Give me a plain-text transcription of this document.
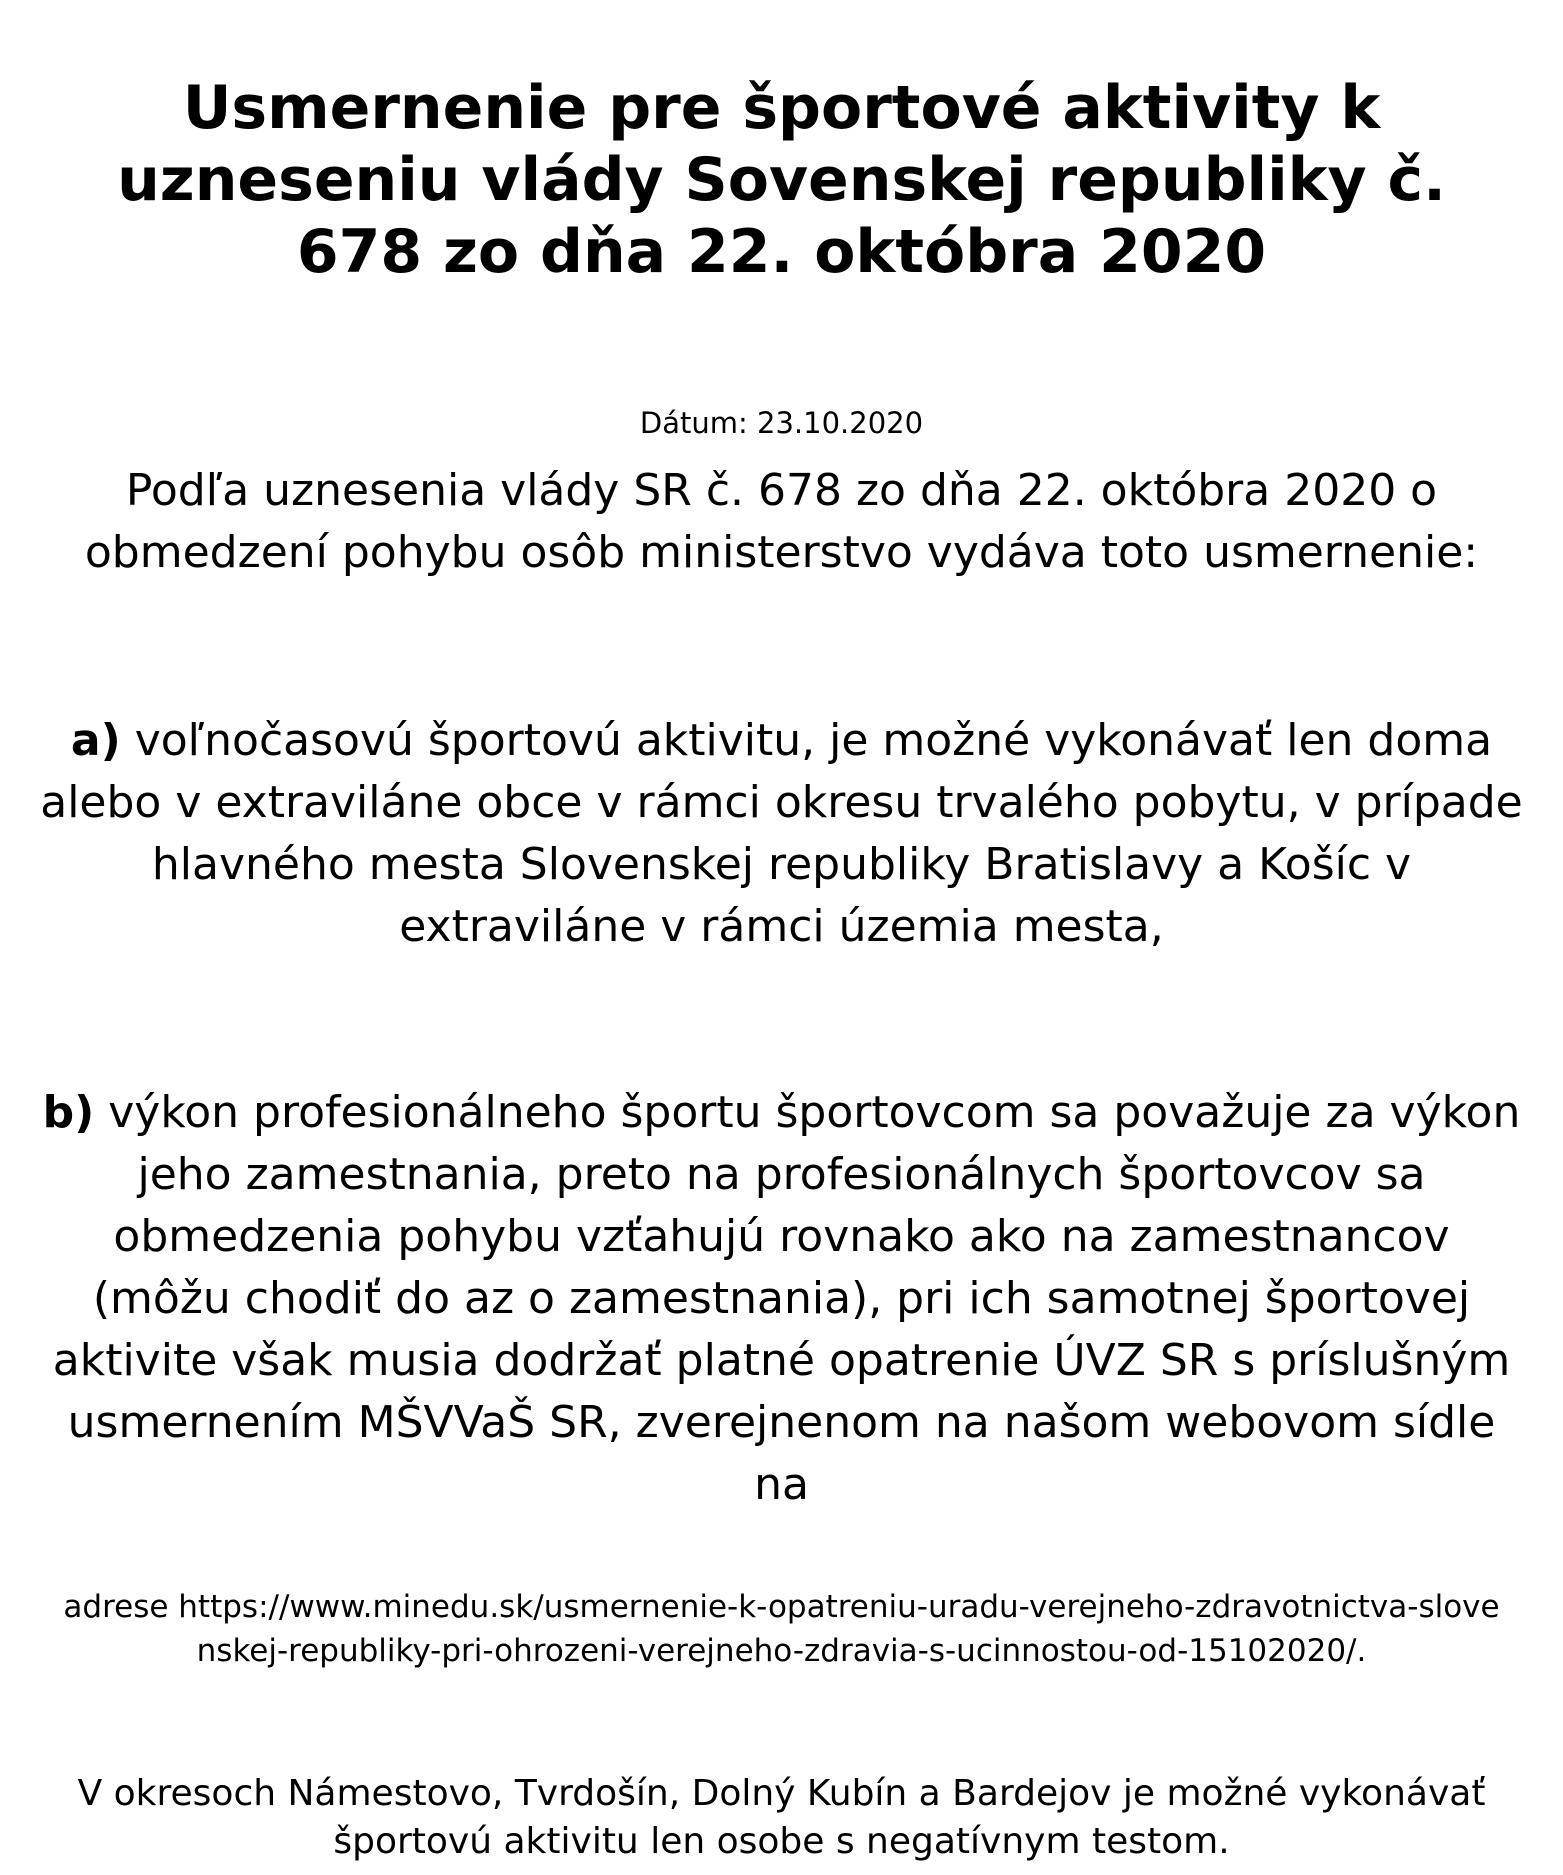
Usmernenie pre športové aktivity k
uzneseniu vlády Sovenskej republiky č.
678 zo dňa 22. októbra 2020
Dátum: 23.10.2020

Podľa uznesenia vlády SR č. 678 zo dňa 22. októbra 2020 o obmedzení pohybu osôb ministerstvo vydáva toto usmernenie:

a) voľnočasovú športovú aktivitu, je možné vykonávať len doma alebo v extraviláne obce v rámci okresu trvalého pobytu, v prípade hlavného mesta Slovenskej republiky Bratislavy a Košíc v extraviláne v rámci územia mesta,

b) výkon profesionálneho športu športovcom sa považuje za výkon jeho zamestnania, preto na profesionálnych športovcov sa obmedzenia pohybu vzťahujú rovnako ako na zamestnancov (môžu chodiť do az o zamestnania), pri ich samotnej športovej aktivite však musia dodržať platné opatrenie ÚVZ SR s príslušným usmernením MŠVVaŠ SR, zverejnenom na našom webovom sídle na

adrese https://www.minedu.sk/usmernenie-k-opatreniu-uradu-verejneho-zdravotnictva-slovenskej-republiky-pri-ohrozeni-verejneho-zdravia-s-ucinnostou-od-15102020/.

V okresoch Námestovo, Tvrdošín, Dolný Kubín a Bardejov je možné vykonávať športovú aktivitu len osobe s negatívnym testom.
